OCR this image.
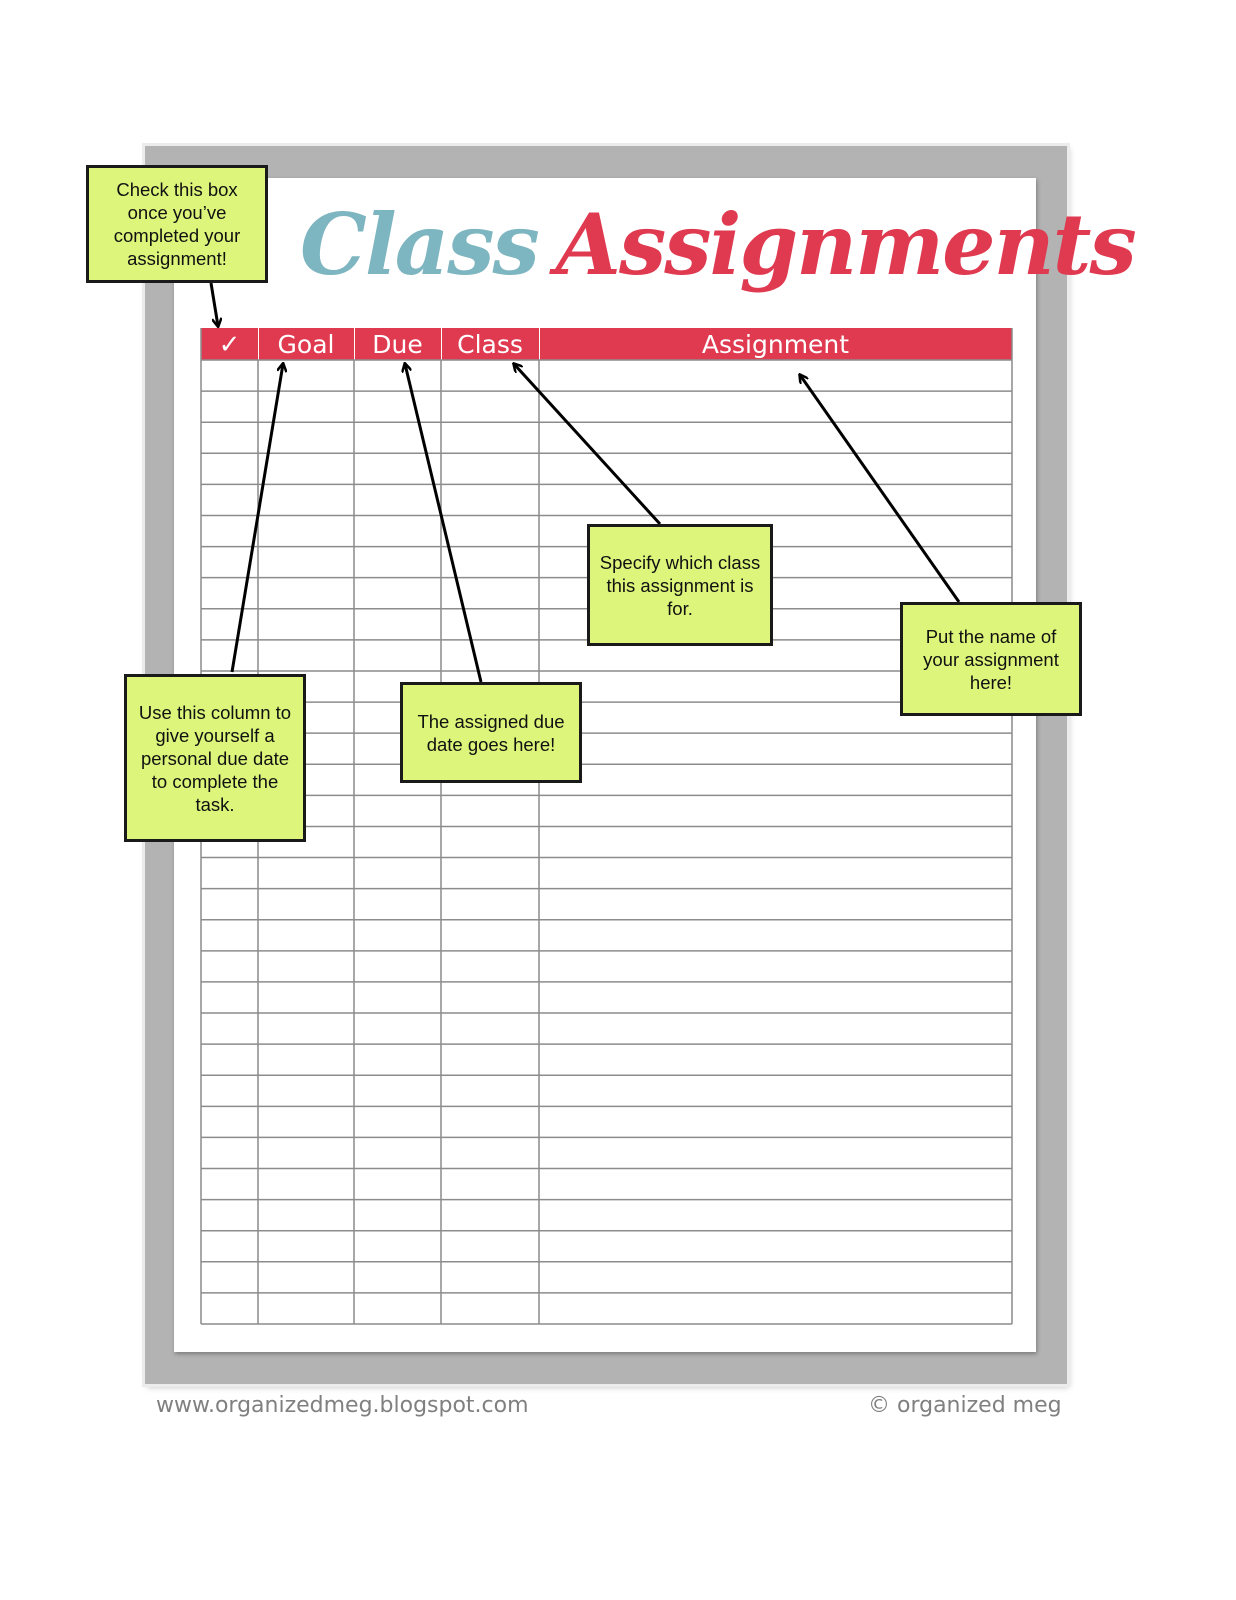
Class Assignments
✓	Goal	Due	Class	Assignment
Check this box once you’ve completed your assignment!
Use this column to give yourself a personal due date to complete the task.
The assigned due date goes here!
Specify which class this assignment is for.
Put the name of your assignment here!
www.organizedmeg.blogspot.com	© organized meg
